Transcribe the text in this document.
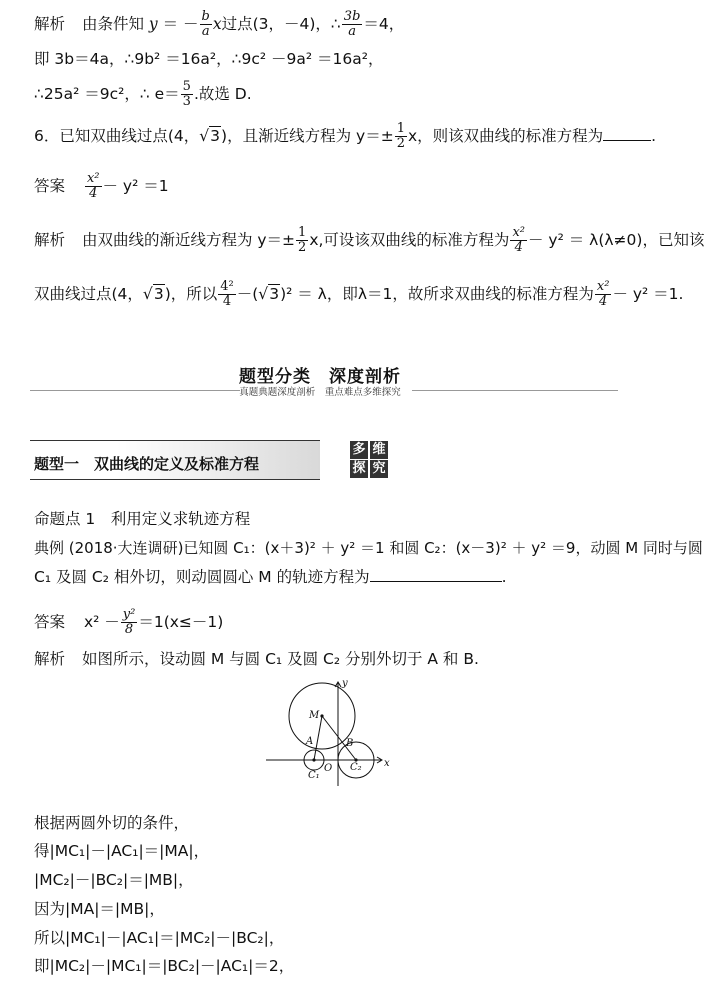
解析 由条件知 y ＝ － $\frac{b}{a}$ x过点(3，－4)，∴ $\frac{3b}{a} =4$，
即 3b＝4a，∴9b² ＝16a²，∴9c² －9a² ＝16a²，
∴25a² ＝9c²，∴ $e= \frac{5}{3}$ .故选 D.
6．已知双曲线过点(4，√3)，且渐近线方程为 $y=\pm \frac{1}{2}$ x，则该双曲线的标准方程为	.
答案 $\frac{\text{x²}}{4} - y^2 =1$
解析 由双曲线的渐近线方程为 $y=\pm \frac{1}{2} x$,可设该双曲线的标准方程为 $\frac{\text{x²}}{4} - y^2 = \lambda(\lambda\ne 0)$，已知该
双曲线过点(4，√3)，所以 $\frac{\text{4²}}{4} -(√3)^2 = \lambda$，即λ＝1，故所求双曲线的标准方程为 $\frac{\text{x²}}{4} - y^2 =1$.
题型分类　深度剖析
真题典题深度剖析　重点难点多维探究
题型一　双曲线的定义及标准方程
多 维
探 究
命题点 1　利用定义求轨迹方程
典例 (2018·大连调研)已知圆 C₁：(x＋3)² ＋ y² ＝1 和圆 C₂：(x－3)² ＋ y² ＝9，动圆 M 同时与圆
C₁ 及圆 C₂ 相外切，则动圆圆心 M 的轨迹方程为	.
答案 $x^2 - \frac{\text{y²}}{8} =1(x\le-1)$
解析 如图所示，设动圆 M 与圆 C₁ 及圆 C₂ 分别外切于 A 和 B.
x
y
O
M
A	B
C₁
C₂
根据两圆外切的条件，
得|MC₁|－|AC₁|＝|MA|，
|MC₂|－|BC₂|＝|MB|，
因为|MA|＝|MB|，
所以|MC₁|－|AC₁|＝|MC₂|－|BC₂|，
即|MC₂|－|MC₁|＝|BC₂|－|AC₁|＝2，
